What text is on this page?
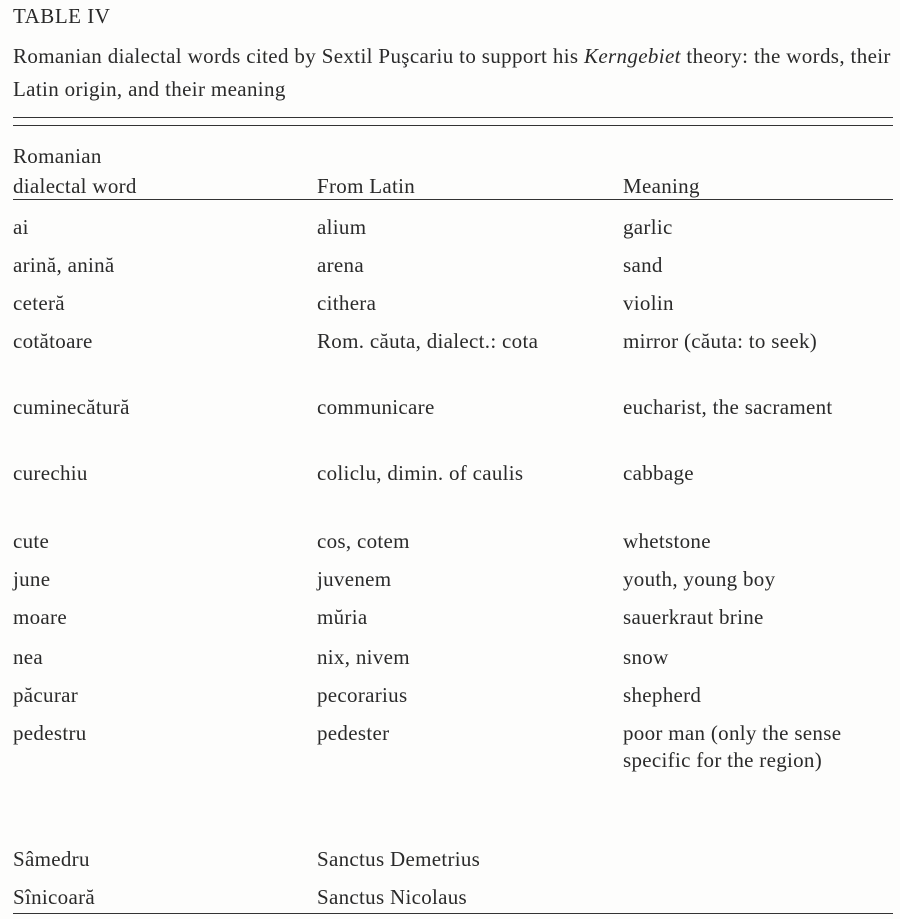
TABLE IV
Romanian dialectal words cited by Sextil Puşcariu to support his Kerngebiet theory: the words, their Latin origin, and their meaning
Romanian
dialectal word	From Latin	Meaning
ai	alium	garlic
arină, anină	arena	sand
ceteră	cithera	violin
cotătoare	Rom. căuta, dialect.: cota	mirror (căuta: to seek)
cuminecătură	communicare	eucharist, the sacrament
curechiu	coliclu, dimin. of caulis	cabbage
cute	cos, cotem	whetstone
june	juvenem	youth, young boy
moare	mŭria	sauerkraut brine
nea	nix, nivem	snow
păcurar	pecorarius	shepherd
pedestru	pedester	poor man (only the sense specific for the region)
Sâmedru	Sanctus Demetrius
Sînicoară	Sanctus Nicolaus
